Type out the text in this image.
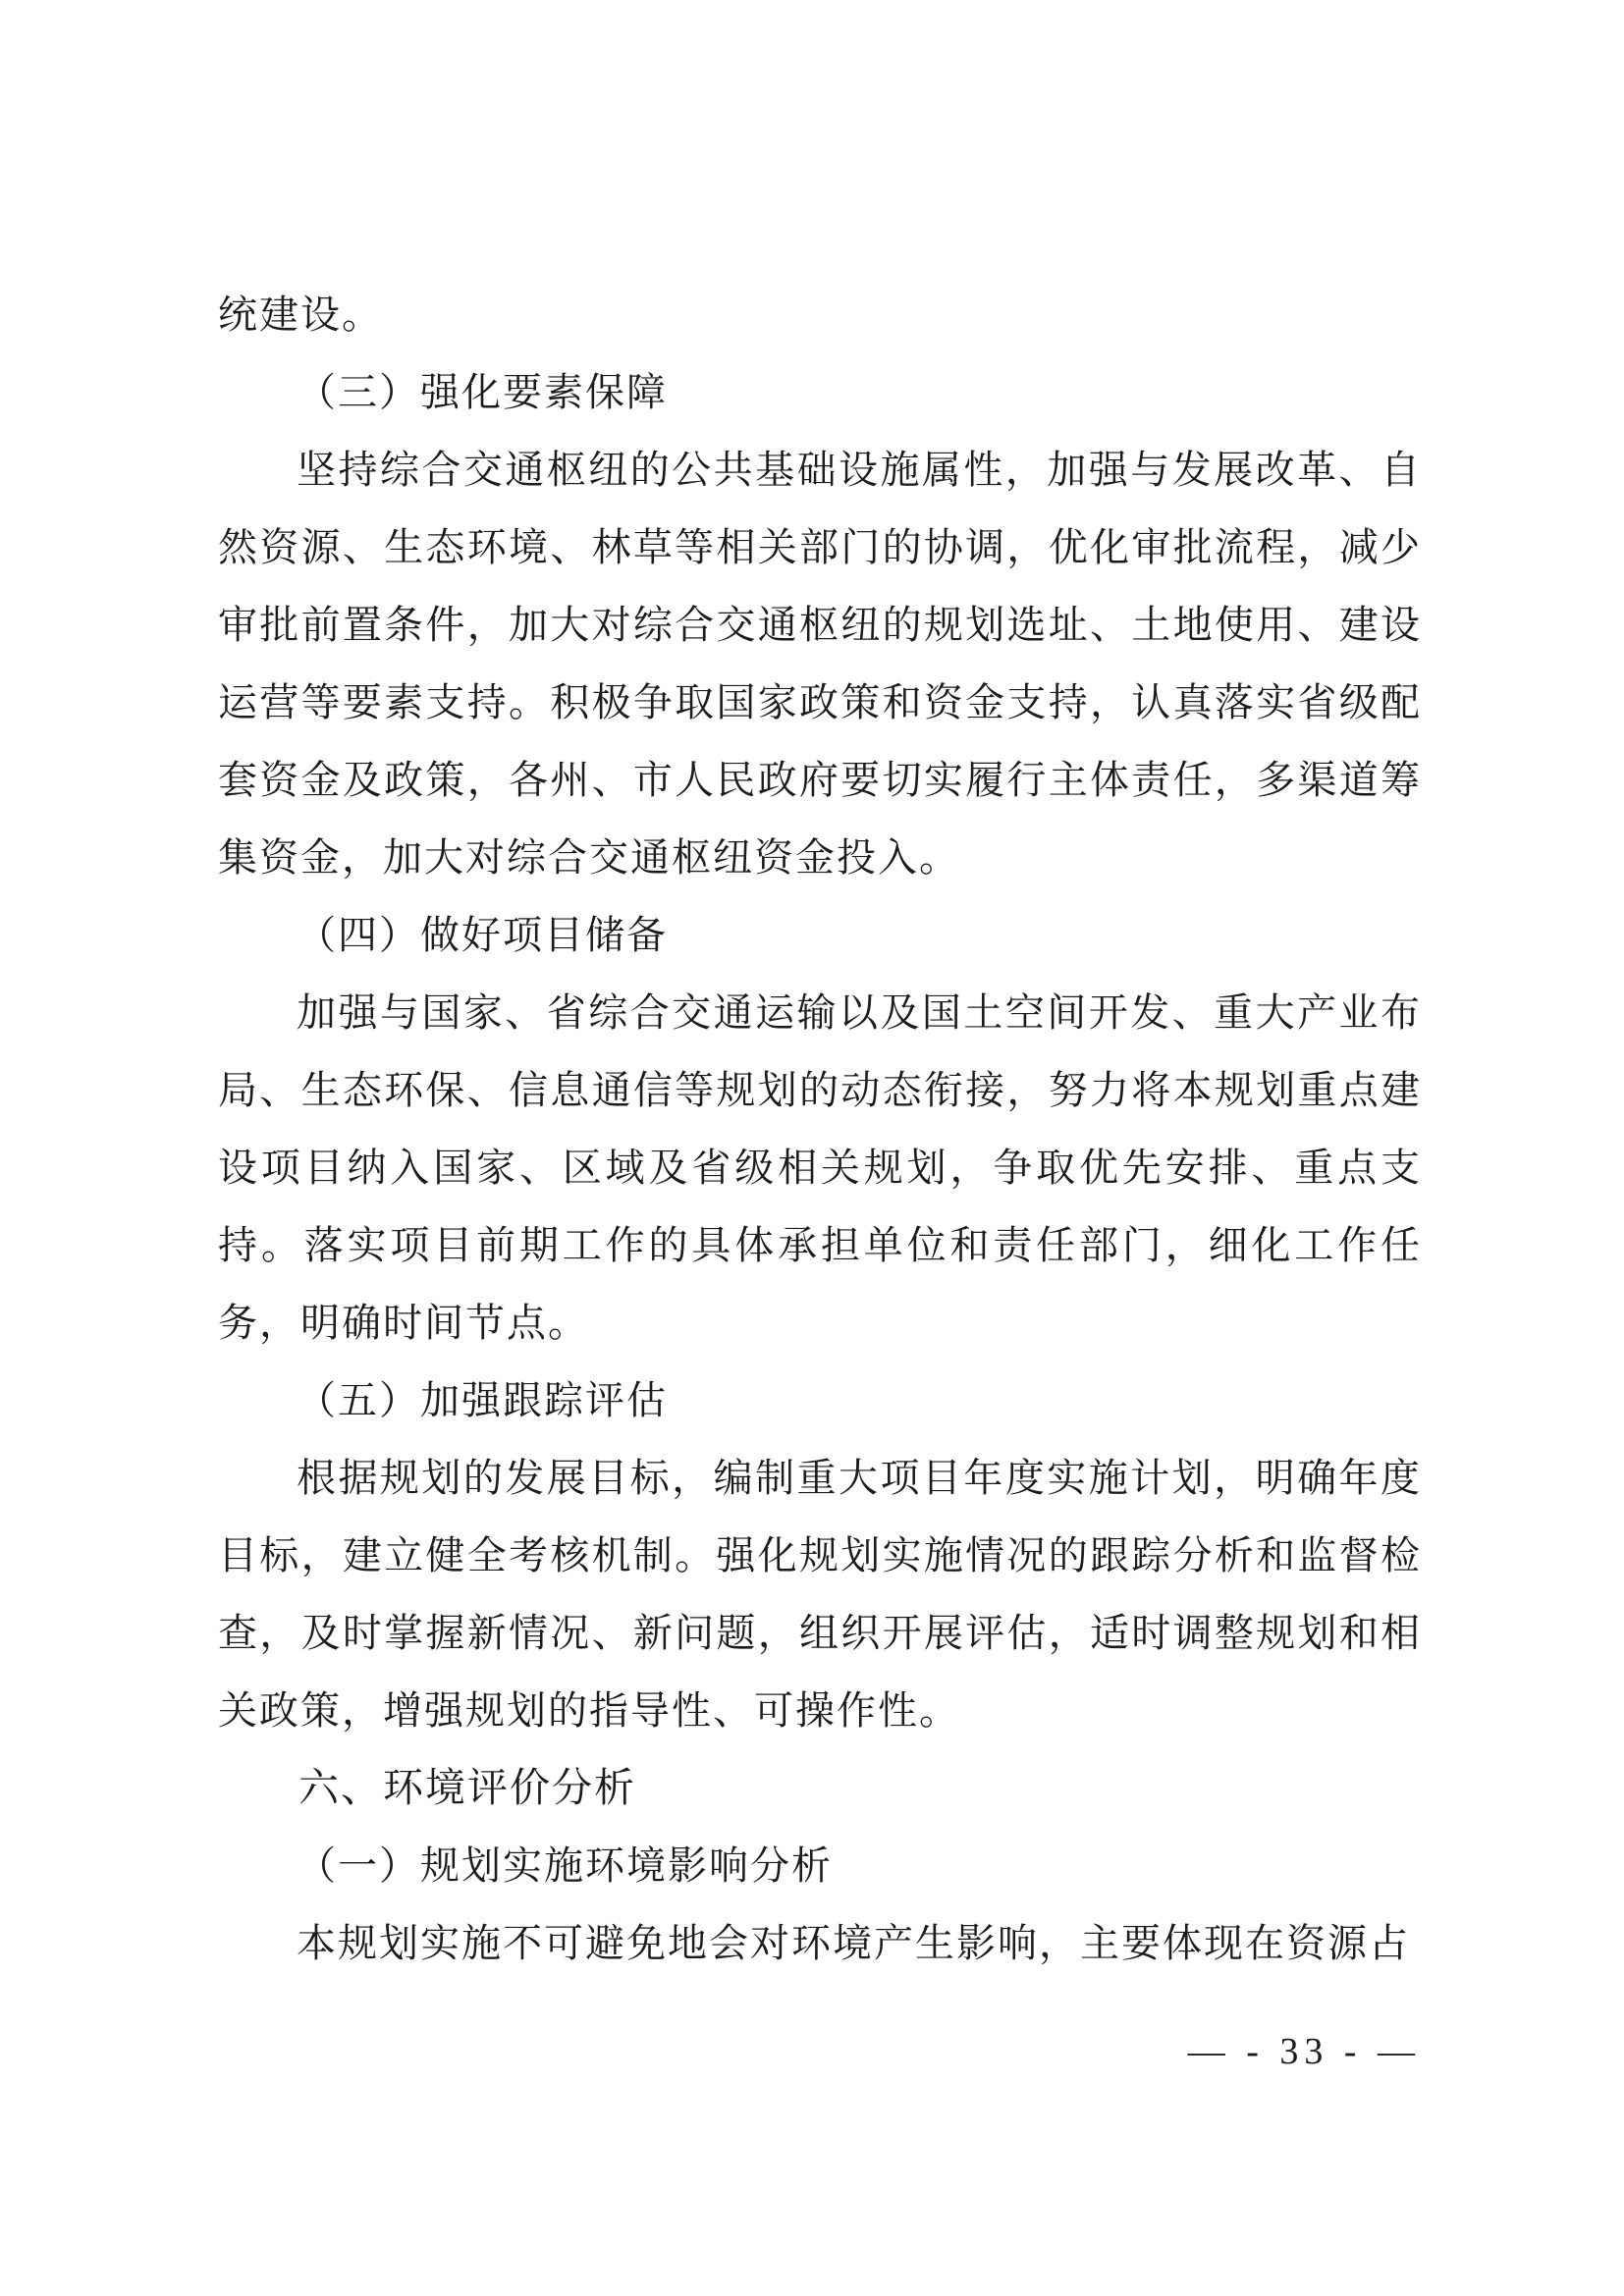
统建设。

（三）强化要素保障

坚持综合交通枢纽的公共基础设施属性，加强与发展改革、自然资源、生态环境、林草等相关部门的协调，优化审批流程，减少审批前置条件，加大对综合交通枢纽的规划选址、土地使用、建设运营等要素支持。积极争取国家政策和资金支持，认真落实省级配套资金及政策，各州、市人民政府要切实履行主体责任，多渠道筹集资金，加大对综合交通枢纽资金投入。

（四）做好项目储备

加强与国家、省综合交通运输以及国土空间开发、重大产业布局、生态环保、信息通信等规划的动态衔接，努力将本规划重点建设项目纳入国家、区域及省级相关规划，争取优先安排、重点支持。落实项目前期工作的具体承担单位和责任部门，细化工作任务，明确时间节点。

（五）加强跟踪评估

根据规划的发展目标，编制重大项目年度实施计划，明确年度目标，建立健全考核机制。强化规划实施情况的跟踪分析和监督检查，及时掌握新情况、新问题，组织开展评估，适时调整规划和相关政策，增强规划的指导性、可操作性。

六、环境评价分析
（一）规划实施环境影响分析

本规划实施不可避免地会对环境产生影响，主要体现在资源占

— - 33 - —
